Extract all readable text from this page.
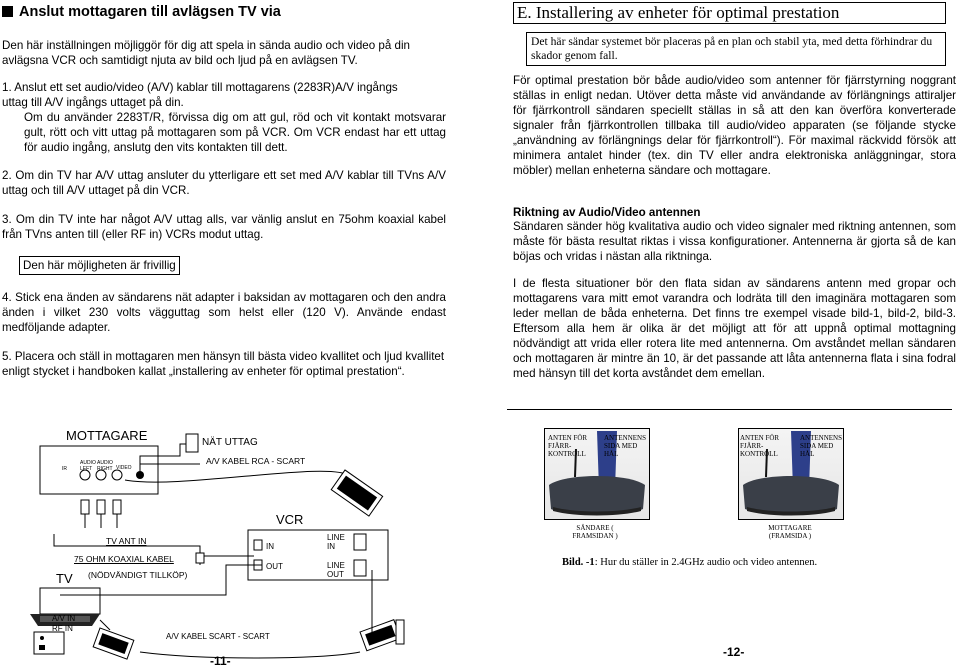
Anslut mottagaren till avlägsen TV via

Den här inställningen möjliggör för dig att spela in sända audio och video på din avlägsna VCR och samtidigt njuta av bild och ljud på en avlägsen TV.

1. Anslut ett set audio/video (A/V) kablar till mottagarens (2283R)A/V ingångs uttag till A/V ingångs uttaget på din.

Om du använder 2283T/R, förvissa dig om att gul, röd och vit kontakt motsvarar gult, rött och vitt uttag på mottagaren som på VCR. Om VCR endast har ett uttag för audio ingång, anslutg den vits kontakten till dett.

2. Om din TV har A/V uttag ansluter du ytterligare ett set med A/V kablar till TVns A/V uttag och till A/V uttaget på din VCR.

3. Om din TV inte har något A/V uttag alls, var vänlig anslut en 75ohm koaxial kabel från TVns anten till (eller RF in) VCRs modut uttag.

Den här möjligheten är frivillig

4. Stick ena änden av sändarens nät adapter i baksidan av mottagaren och den andra änden i vilket 230 volts vägguttag som helst eller (120 V). Använde endast medföljande adapter.

5. Placera och ställ in mottagaren men hänsyn till bästa video kvallitet och ljud kvallitet enligt stycket i handboken kallat „installering av enheter för optimal prestation“.

E. Installering av enheter för optimal prestation
Det här sändar systemet bör placeras på en plan och stabil yta, med detta förhindrar du skador genom fall.

För optimal prestation bör både audio/video som antenner för fjärrstyrning noggrant ställas in enligt nedan. Utöver detta måste vid användande av förlängnings attiraljer för fjärrkontroll sändaren speciellt ställas in så att den kan överföra konverterade signaler från fjärrkontrollen tillbaka till audio/video apparaten (se följande stycke „användning av förlängnings delar för fjärrkontroll“). För maximal räckvidd försök att minimera antalet hinder (tex. din TV eller andra elektroniska anläggningar, stora möbler) mellan enheterna sändare och mottagare.

Riktning av Audio/Video antennen

Sändaren sänder hög kvalitativa audio och video signaler med riktning antennen, som måste för bästa resultat riktas i vissa konfigurationer. Antennerna är gjorta så de kan böjas och vridas i nästan alla riktninga.

I de flesta situationer bör den flata sidan av sändarens antenn med gropar och mottagarens vara mitt emot varandra och lodräta till den imaginära mottagaren som leder mellan de båda enheterna. Det finns tre exempel visade bild-1, bild-2, bild-3. Eftersom alla hem är olika är det möjligt att för att uppnå optimal mottagning nödvändigt att vrida eller rotera lite med antennerna. Om avståndet mellan sändaren och mottagaren är mintre än 10, är det passande att låta antennerna flata i sina fodral med hänsyn till det korta avståndet dem emellan.

MOTTAGARE	NÄT UTTAG
A/V KABEL RCA - SCART
IR
AUDIO LEFT
AUDIO RIGHT VIDEO
VCR
TV ANT IN
75 OHM KOAXIAL KABEL
(NÖDVÄNDIGT TILLKÖP)
TV
IN
OUT
LINE IN
LINE OUT
A/V IN
RF IN
A/V KABEL SCART - SCART
ANTEN FÖR FJÄRR-KONTROLL
ANTENNENS SIDA MED HÅL
SÄNDARE ( FRAMSIDAN )
ANTEN FÖR FJÄRR-KONTROLL
ANTENNENS SIDA MED HÅL
MOTTAGARE (FRAMSIDA )
Bild. -1: Hur du ställer in 2.4GHz audio och video antennen.
-11-
-12-
